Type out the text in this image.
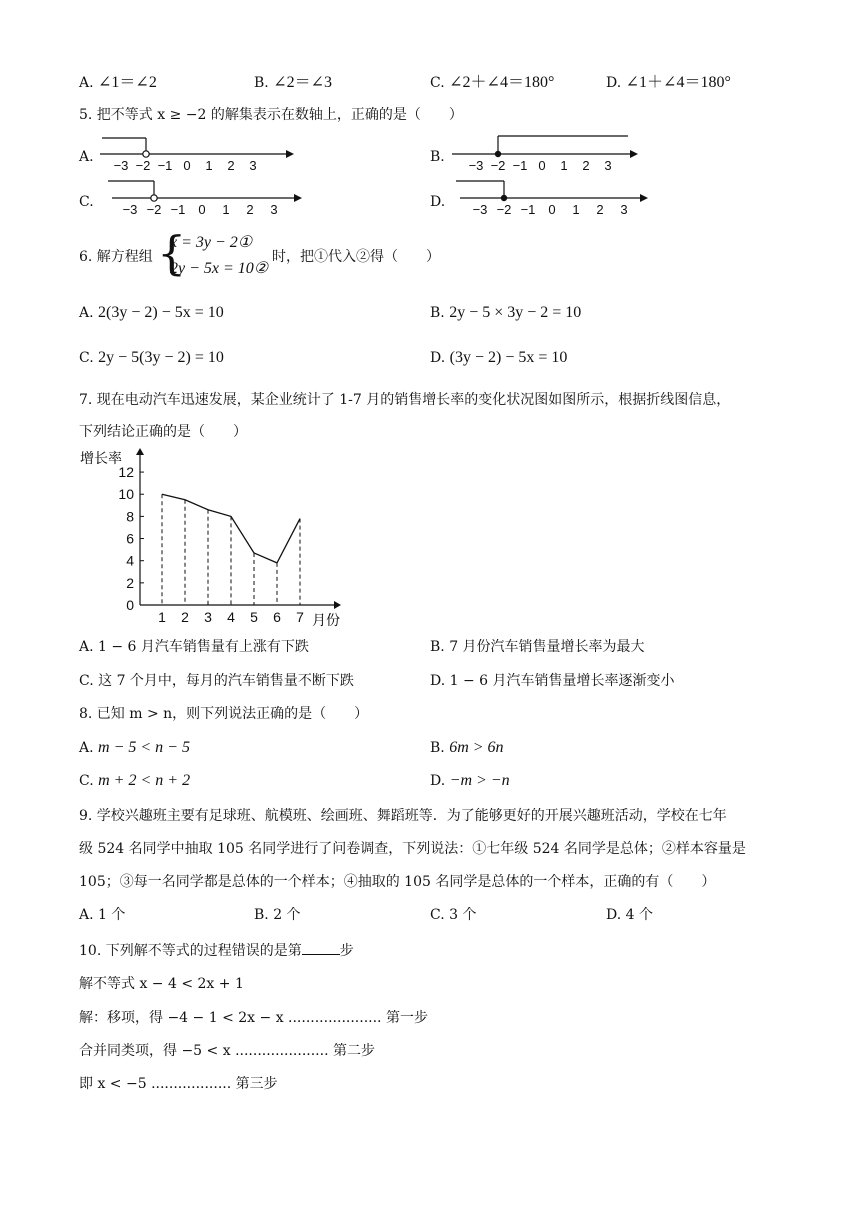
A. ∠1＝∠2	B. ∠2＝∠3	C. ∠2＋∠4＝180°	D. ∠1＋∠4＝180°
5. 把不等式 x ≥ −2 的解集表示在数轴上，正确的是（　　）
A.
−3 −2 −1 0 1 2 3
B.
−3 −2 −1 0 1 2 3
C. −3 −2 −1 0 1 2 3	D. −3 −2 −1 0 1 2 3
6. 解方程组 {
x = 3y − 2①
2y − 5x = 10②
时，把①代入②得（　　）
A. 2(3y − 2) − 5x = 10	B. 2y − 5 × 3y − 2 = 10
C. 2y − 5(3y − 2) = 10	D. (3y − 2) − 5x = 10
7. 现在电动汽车迅速发展，某企业统计了 1-7 月的销售增长率的变化状况图如图所示，根据折线图信息，
下列结论正确的是（　　）
增长率
月份
0
2
4
6
8
10
12
1 2 3 4 5 6 7
A. 1 − 6 月汽车销售量有上涨有下跌	B. 7 月份汽车销售量增长率为最大
C. 这 7 个月中，每月的汽车销售量不断下跌	D. 1 − 6 月汽车销售量增长率逐渐变小
8. 已知 m > n，则下列说法正确的是（　　）
A. m − 5 < n − 5	B. 6m > 6n
C. m + 2 < n + 2	D. −m > −n
9. 学校兴趣班主要有足球班、航模班、绘画班、舞蹈班等．为了能够更好的开展兴趣班活动，学校在七年
级 524 名同学中抽取 105 名同学进行了问卷调查，下列说法：①七年级 524 名同学是总体；②样本容量是
105；③每一名同学都是总体的一个样本；④抽取的 105 名同学是总体的一个样本，正确的有（　　）
A. 1 个	B. 2 个	C. 3 个	D. 4 个
10. 下列解不等式的过程错误的是第	步
解不等式 x − 4 < 2x + 1
解：移项，得 −4 − 1 < 2x − x ..................... 第一步
合并同类项，得 −5 < x ..................... 第二步
即 x < −5 .................. 第三步
